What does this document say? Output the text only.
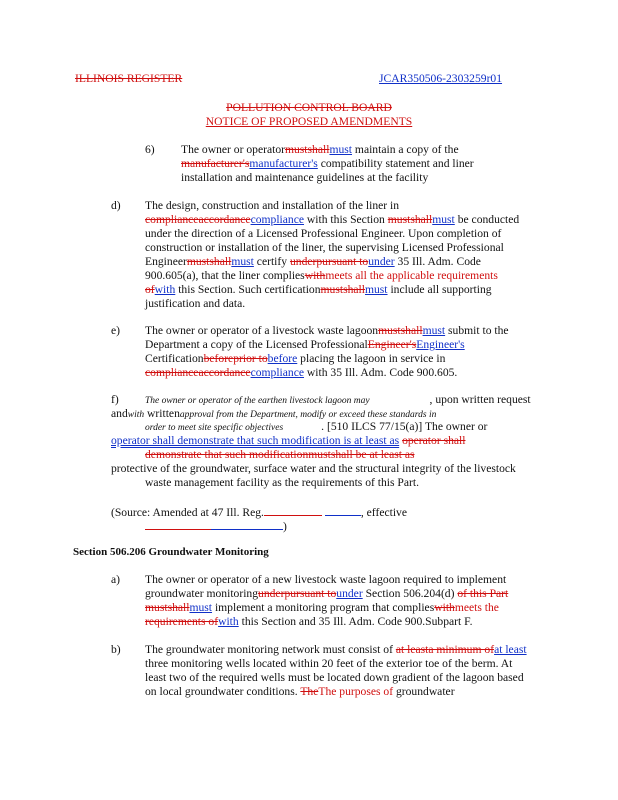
ILLINOIS REGISTER	JCAR350506-2303259r01
POLLUTION CONTROL BOARD
NOTICE OF PROPOSED AMENDMENTS
6) The owner or operatormustshallmust maintain a copy of the
manufacturer'smanufacturer's compatibility statement and liner
installation and maintenance guidelines at the facility
d) The design, construction and installation of the liner in
complianceaccordancecompliance with this Section mustshallmust be conducted
under the direction of a Licensed Professional Engineer. Upon completion of
construction or installation of the liner, the supervising Licensed Professional
Engineermustshallmust certify underpursuant tounder 35 Ill. Adm. Code
900.605(a), that the liner complieswithmeets all the applicable requirements
ofwith this Section. Such certificationmustshallmust include all supporting
justification and data.
e) The owner or operator of a livestock waste lagoonmustshallmust submit to the
Department a copy of the Licensed ProfessionalEngineer'sEngineer's
Certificationbeforeprior tobefore placing the lagoon in service in
complianceaccordancecompliance with 35 Ill. Adm. Code 900.605.
f)	The owner or operator of the earthen livestock lagoon may	, upon written request
andwith writtenapproval from the Department, modify or exceed these standards in
order to meet site specific objectives	. [510 ILCS 77/15(a)] The owner or
operator shall demonstrate that such modification is at least as operator shall
demonstrate that such modificationmustshall be at least as
protective of the groundwater, surface water and the structural integrity of the livestock
waste management facility as the requirements of this Part.
(Source: Amended at 47 Ill. Reg.	, effective
)
Section 506.206 Groundwater Monitoring
a) The owner or operator of a new livestock waste lagoon required to implement
groundwater monitoringunderpursuant tounder Section 506.204(d) of this Part
mustshallmust implement a monitoring program that complieswithmeets the
requirements ofwith this Section and 35 Ill. Adm. Code 900.Subpart F.
b) The groundwater monitoring network must consist of at leasta minimum ofat least
three monitoring wells located within 20 feet of the exterior toe of the berm. At
least two of the required wells must be located down gradient of the lagoon based
on local groundwater conditions. TheThe purposes of groundwater
